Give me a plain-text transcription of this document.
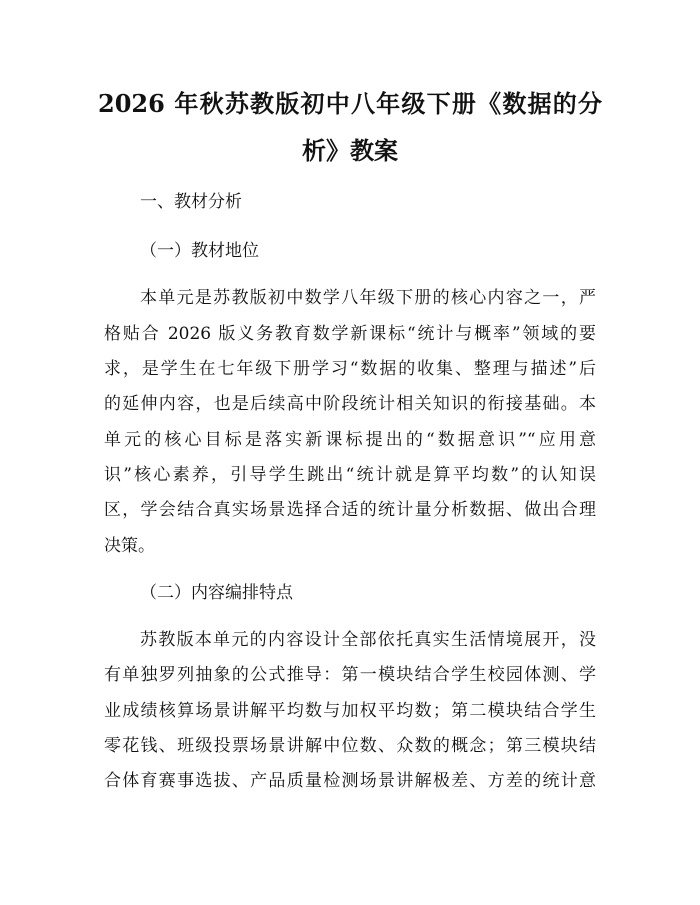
2026 年秋苏教版初中八年级下册《数据的分
析》教案
一、教材分析
（一）教材地位
本单元是苏教版初中数学八年级下册的核心内容之一，严
格贴合 2026 版义务教育数学新课标“统计与概率”领域的要
求，是学生在七年级下册学习“数据的收集、整理与描述”后
的延伸内容，也是后续高中阶段统计相关知识的衔接基础。本
单元的核心目标是落实新课标提出的“数据意识”“应用意
识”核心素养，引导学生跳出“统计就是算平均数”的认知误
区，学会结合真实场景选择合适的统计量分析数据、做出合理
决策。
（二）内容编排特点
苏教版本单元的内容设计全部依托真实生活情境展开，没
有单独罗列抽象的公式推导：第一模块结合学生校园体测、学
业成绩核算场景讲解平均数与加权平均数；第二模块结合学生
零花钱、班级投票场景讲解中位数、众数的概念；第三模块结
合体育赛事选拔、产品质量检测场景讲解极差、方差的统计意
